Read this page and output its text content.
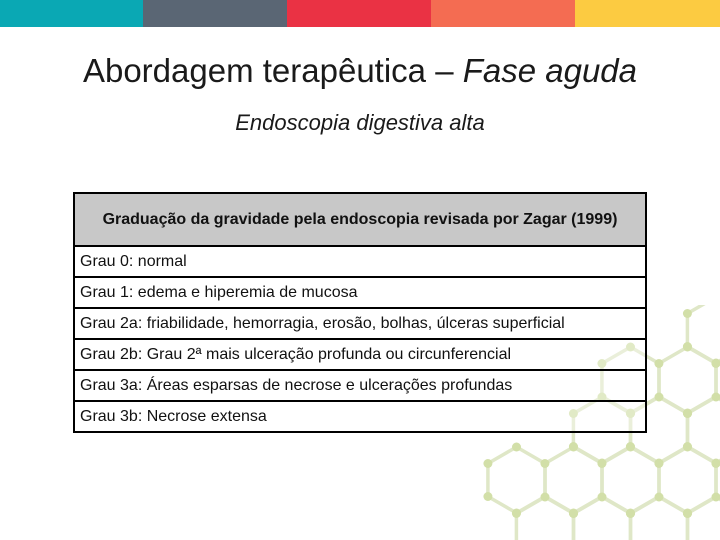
Abordagem terapêutica – Fase aguda
Endoscopia digestiva alta
Graduação da gravidade pela endoscopia revisada por Zagar (1999)
Grau 0: normal
Grau 1: edema e hiperemia de mucosa
Grau 2a: friabilidade, hemorragia, erosão, bolhas, úlceras superficial
Grau 2b: Grau 2ª mais ulceração profunda ou circunferencial
Grau 3a: Áreas esparsas de necrose e ulcerações profundas
Grau 3b: Necrose extensa
